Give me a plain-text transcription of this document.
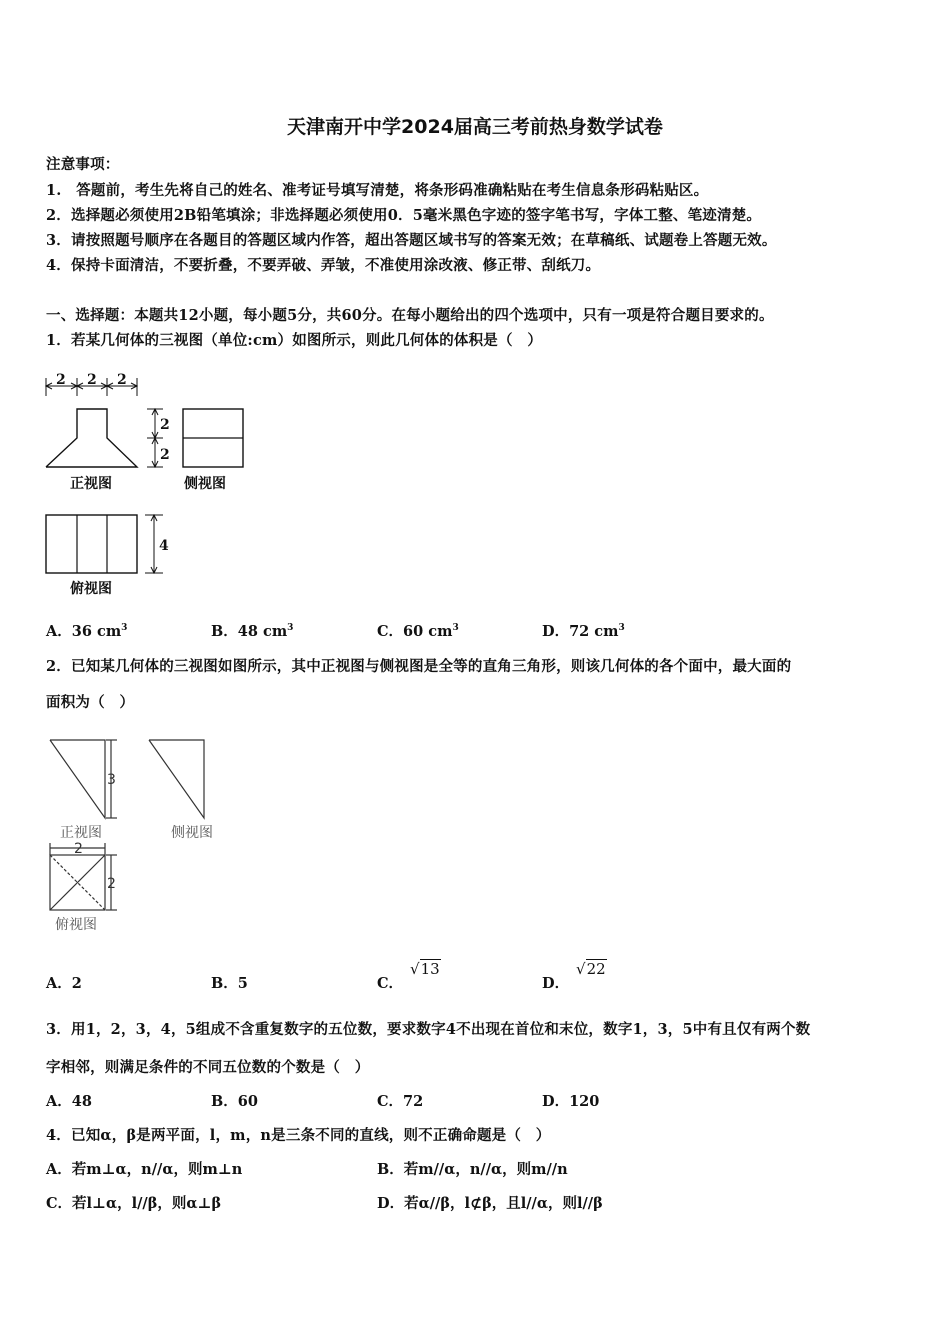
天津南开中学2024届高三考前热身数学试卷
注意事项：
1.　答题前，考生先将自己的姓名、准考证号填写清楚，将条形码准确粘贴在考生信息条形码粘贴区。
2．选择题必须使用2B铅笔填涂；非选择题必须使用0．5毫米黑色字迹的签字笔书写，字体工整、笔迹清楚。
3．请按照题号顺序在各题目的答题区域内作答，超出答题区域书写的答案无效；在草稿纸、试题卷上答题无效。
4．保持卡面清洁，不要折叠，不要弄破、弄皱，不准使用涂改液、修正带、刮纸刀。
一、选择题：本题共12小题，每小题5分，共60分。在每小题给出的四个选项中，只有一项是符合题目要求的。
1．若某几何体的三视图（单位:cm）如图所示，则此几何体的体积是（　）
2 2 2
2
2
4
正视图	侧视图
俯视图
A．36 $cm^3$	B．48 $cm^3$	C．60 $cm^3$	D．72 $cm^3$
2．已知某几何体的三视图如图所示，其中正视图与侧视图是全等的直角三角形，则该几何体的各个面中，最大面的
面积为（　）
3
2
2
正视图	侧视图
俯视图
A．2	B．5	C．
√13
D．
√22
3．用1，2，3，4，5组成不含重复数字的五位数，要求数字4不出现在首位和末位，数字1，3，5中有且仅有两个数
字相邻，则满足条件的不同五位数的个数是（　）
A．48	B．60	C．72	D．120
4．已知α，β是两平面，l，m，n是三条不同的直线，则不正确命题是（　）
A．若m⊥α，n//α，则m⊥n	B．若m//α，n//α，则m//n
C．若l⊥α，l//β，则α⊥β	D．若α//β，l⊄β，且l//α，则l//β
